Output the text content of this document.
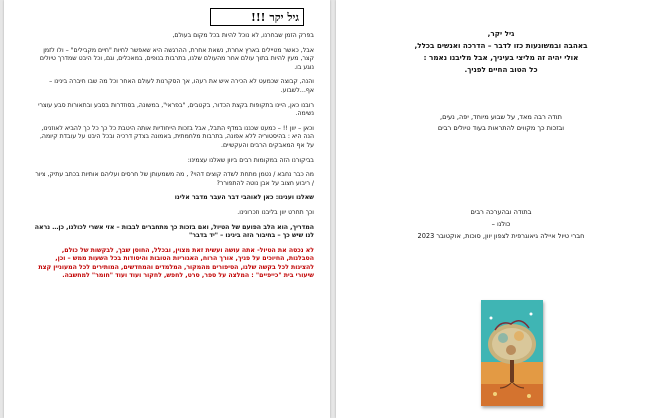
גיל יקר !!!

בפרק הזמן שבחרנו, לא נוכל להיות בכל מקום בעולם,

אבל, כאשר מטיילים בארץ אחרת, נשאת אחרת, ההרגשה היא שאפשר לחיות "חיים מקבילים" – ולו לזמן קצר, מעין להיות בתוך עולם אחר מהעולם שלנו, בתרבות בנופים, במאכלים, וגם, וכל היבט שמדרך טיולים נוגע בו.

והנה, קבוצה שכמעט לא הכירה איש את רעהו, אך הסקרנות לעולם האחר וכל מה שבו חיברה בינינו – אף…לשבוע.

רובנו כאן, היינו בתקופות בקצת הכדור, בקטבים, "בפראי", במשונה, בסוזדרות בסבע ובתאורות סבע עוצרי נשימה.

וכאן – יוון !! – כמעט שכננו במדף התבל, אבל בזכות הייחודיות אותה היטבת כל כך כל כך להביא לאוזנינו, הנה היא : בהיסטוריה ללא אפונה, בתרבות מלחמתית, באמונה בצדק דרכיה ובכל היבט על עובדת קיומה, על אף המאבקים הרבים והעקשיים.

בביקורנו הזה במקומות רבים ביוון שאלנו עצמינו:

מה כבר נחבא / נטמן מתחת לשדה קוצים דהוי? , מה משמעותן של חרסים ועליהם אותיות בכתב עתיק, ציור / ריבוע חצוב על אבן נוטה להתפורר?

שאלנו וענינו: כאן לאוהבי דבר העבר מדבר אלינו

וכך תחרט יוון בליבנו וזכרונינו.

המדריך, הוא הלב הפועם של הטיול, ואם בזכות כך מתחברים לבבות – אזי אשרי לכולנו, כן… נראה לנו שיש כך – בחיבור הזה בינינו – "יד בדבר"

לא נכסה את הטיול- אתה עושה ועשית זאת מצוין, ובכלל, החוסן שבך, לבקשות של כולם, הסבלנות, החיוכים על פניך, אורך הרוח, האגוריות הטובות והיסודות בכל השעות ממש – וכן, להציגות לכל בקשה שלנו, הסיפורים מהמקור, המלמדים והמחדשים, המותירים לכל המעוניין קצת שיעורי בית "כייפיים" : המלצה על ספר, סרט, לחפש, לחקור ועוד ועוד "חומר" למחשבה.

גיל יקר,
באהבה ובמשונעות כזו לדבר – הדרכה ואנשים בכלל,
אולי יהיה זה מליצי בעיניך, אבל מליבנו נאמר :
כל הטוב החיים לפניך.
תודה רבה מאד, על שבוע מיוחד, יפה, נעים,
ובזכות כך מקווים להתראות בעוד טיולים רבים
בתודה ובהערכה רבים
כולנו –
חברי טיול איילה גיאוגרפית לצפון יוון, סוכות, אוקטובר 2023
